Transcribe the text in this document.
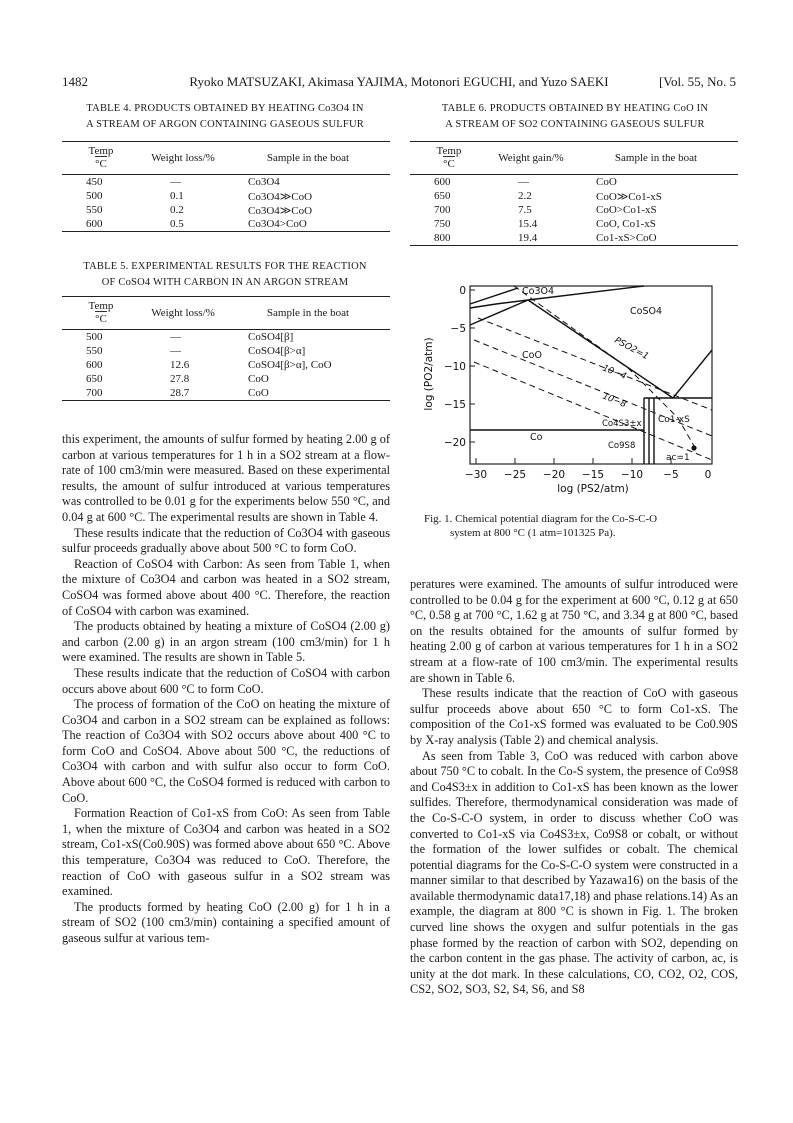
1482	Ryoko MATSUZAKI, Akimasa YAJIMA, Motonori EGUCHI, and Yuzo SAEKI	[Vol. 55, No. 5
TABLE 4. PRODUCTS OBTAINED BY HEATING Co3O4 IN
A STREAM OF ARGON CONTAINING GASEOUS SULFUR
Temp
°C	Weight loss/%	Sample in the boat
450	—	Co3O4
500	0.1	Co3O4≫CoO
550	0.2	Co3O4≫CoO
600	0.5	Co3O4>CoO
TABLE 5. EXPERIMENTAL RESULTS FOR THE REACTION
OF CoSO4 WITH CARBON IN AN ARGON STREAM
Temp
°C	Weight loss/%	Sample in the boat
500	—	CoSO4[β]
550	—	CoSO4[β>α]
600	12.6	CoSO4[β>α], CoO
650	27.8	CoO
700	28.7	CoO
TABLE 6. PRODUCTS OBTAINED BY HEATING CoO IN
A STREAM OF SO2 CONTAINING GASEOUS SULFUR
Temp
°C	Weight gain/%	Sample in the boat
600	—	CoO
650	2.2	CoO≫Co1-xS
700	7.5	CoO>Co1-xS
750	15.4	CoO, Co1-xS
800	19.4	Co1-xS>CoO
−30 −25 −20 −15 −10 −5 0
0
−5
−10
−15
−20
log (PS2/atm)
log (PO2/atm)
Co3O4
CoSO4
CoO
Co
Co4S3±x
Co9S8
Co1-xS
PSO2=1
10−4
10−8
ac=1
Fig. 1. Chemical potential diagram for the Co-S-C-O
system at 800 °C (1 atm=101325 Pa).

this experiment, the amounts of sulfur formed by heating 2.00 g of carbon at various temperatures for 1 h in a SO2 stream at a flow-rate of 100 cm3/min were measured. Based on these experimental results, the amount of sulfur introduced at various temperatures was controlled to be 0.01 g for the experiments below 550 °C, and 0.04 g at 600 °C. The experimental results are shown in Table 4.

These results indicate that the reduction of Co3O4 with gaseous sulfur proceeds gradually above about 500 °C to form CoO.

Reaction of CoSO4 with Carbon: As seen from Table 1, when the mixture of Co3O4 and carbon was heated in a SO2 stream, CoSO4 was formed above about 400 °C. Therefore, the reaction of CoSO4 with carbon was examined.

The products obtained by heating a mixture of CoSO4 (2.00 g) and carbon (2.00 g) in an argon stream (100 cm3/min) for 1 h were examined. The results are shown in Table 5.

These results indicate that the reduction of CoSO4 with carbon occurs above about 600 °C to form CoO.

The process of formation of the CoO on heating the mixture of Co3O4 and carbon in a SO2 stream can be explained as follows: The reaction of Co3O4 with SO2 occurs above about 400 °C to form CoO and CoSO4. Above about 500 °C, the reductions of Co3O4 with carbon and with sulfur also occur to form CoO. Above about 600 °C, the CoSO4 formed is reduced with carbon to CoO.

Formation Reaction of Co1-xS from CoO: As seen from Table 1, when the mixture of Co3O4 and carbon was heated in a SO2 stream, Co1-xS(Co0.90S) was formed above about 650 °C. Above this temperature, Co3O4 was reduced to CoO. Therefore, the reaction of CoO with gaseous sulfur in a SO2 stream was examined.

The products formed by heating CoO (2.00 g) for 1 h in a stream of SO2 (100 cm3/min) containing a specified amount of gaseous sulfur at various tem-

peratures were examined. The amounts of sulfur introduced were controlled to be 0.04 g for the experiment at 600 °C, 0.12 g at 650 °C, 0.58 g at 700 °C, 1.62 g at 750 °C, and 3.34 g at 800 °C, based on the results obtained for the amounts of sulfur formed by heating 2.00 g of carbon at various temperatures for 1 h in a SO2 stream at a flow-rate of 100 cm3/min. The experimental results are shown in Table 6.

These results indicate that the reaction of CoO with gaseous sulfur proceeds above about 650 °C to form Co1-xS. The composition of the Co1-xS formed was evaluated to be Co0.90S by X-ray analysis (Table 2) and chemical analysis.

As seen from Table 3, CoO was reduced with carbon above about 750 °C to cobalt. In the Co-S system, the presence of Co9S8 and Co4S3±x in addition to Co1-xS has been known as the lower sulfides. Therefore, thermodynamical consideration was made of the Co-S-C-O system, in order to discuss whether CoO was converted to Co1-xS via Co4S3±x, Co9S8 or cobalt, or without the formation of the lower sulfides or cobalt. The chemical potential diagrams for the Co-S-C-O system were constructed in a manner similar to that described by Yazawa16) on the basis of the available thermodynamic data17,18) and phase relations.14) As an example, the diagram at 800 °C is shown in Fig. 1. The broken curved line shows the oxygen and sulfur potentials in the gas phase formed by the reaction of carbon with SO2, depending on the carbon content in the gas phase. The activity of carbon, ac, is unity at the dot mark. In these calculations, CO, CO2, O2, COS, CS2, SO2, SO3, S2, S4, S6, and S8
